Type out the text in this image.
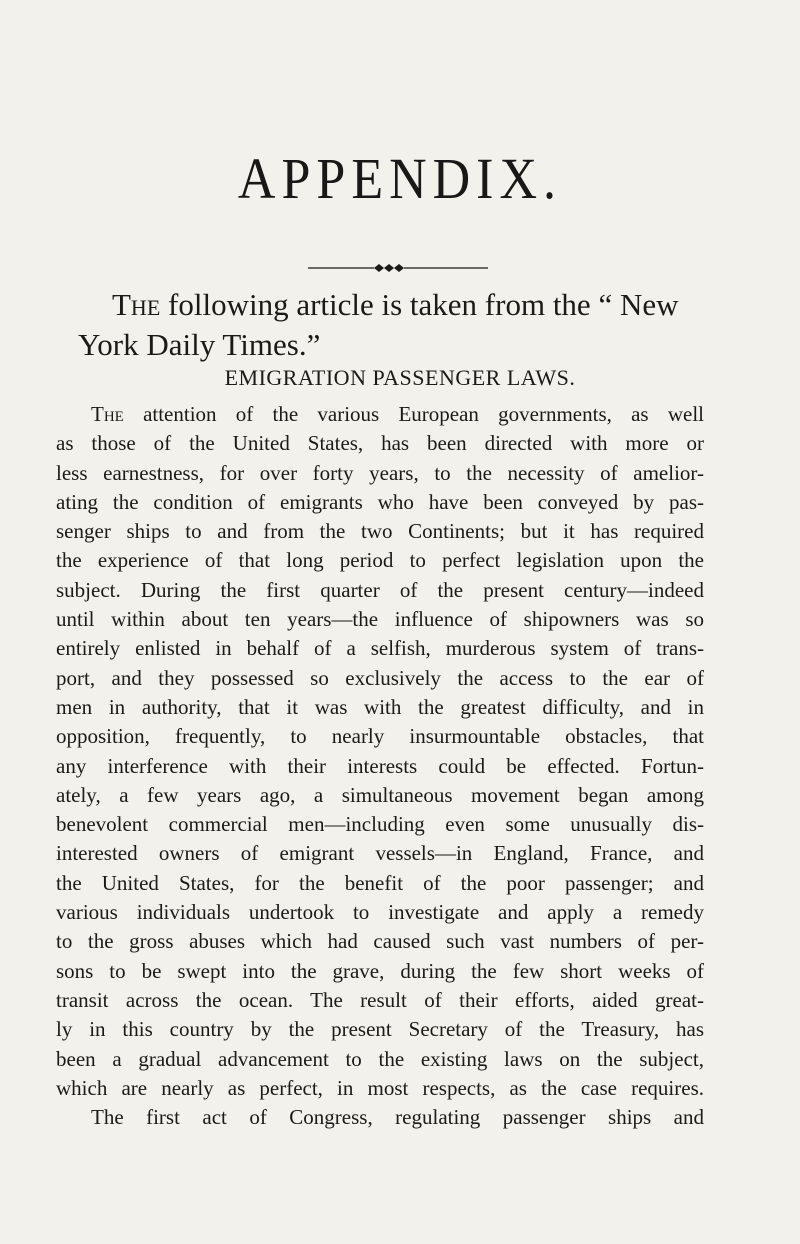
APPENDIX.

The following article is taken from the “ New
York Daily Times.”

EMIGRATION PASSENGER LAWS.
The attention of the various European governments, as well
as those of the United States, has been directed with more or
less earnestness, for over forty years, to the necessity of amelior-
ating the condition of emigrants who have been conveyed by pas-
senger ships to and from the two Continents; but it has required
the experience of that long period to perfect legislation upon the
subject. During the first quarter of the present century—indeed
until within about ten years—the influence of shipowners was so
entirely enlisted in behalf of a selfish, murderous system of trans-
port, and they possessed so exclusively the access to the ear of
men in authority, that it was with the greatest difficulty, and in
opposition, frequently, to nearly insurmountable obstacles, that
any interference with their interests could be effected. Fortun-
ately, a few years ago, a simultaneous movement began among
benevolent commercial men—including even some unusually dis-
interested owners of emigrant vessels—in England, France, and
the United States, for the benefit of the poor passenger; and
various individuals undertook to investigate and apply a remedy
to the gross abuses which had caused such vast numbers of per-
sons to be swept into the grave, during the few short weeks of
transit across the ocean. The result of their efforts, aided great-
ly in this country by the present Secretary of the Treasury, has
been a gradual advancement to the existing laws on the subject,
which are nearly as perfect, in most respects, as the case requires.
The first act of Congress, regulating passenger ships and
